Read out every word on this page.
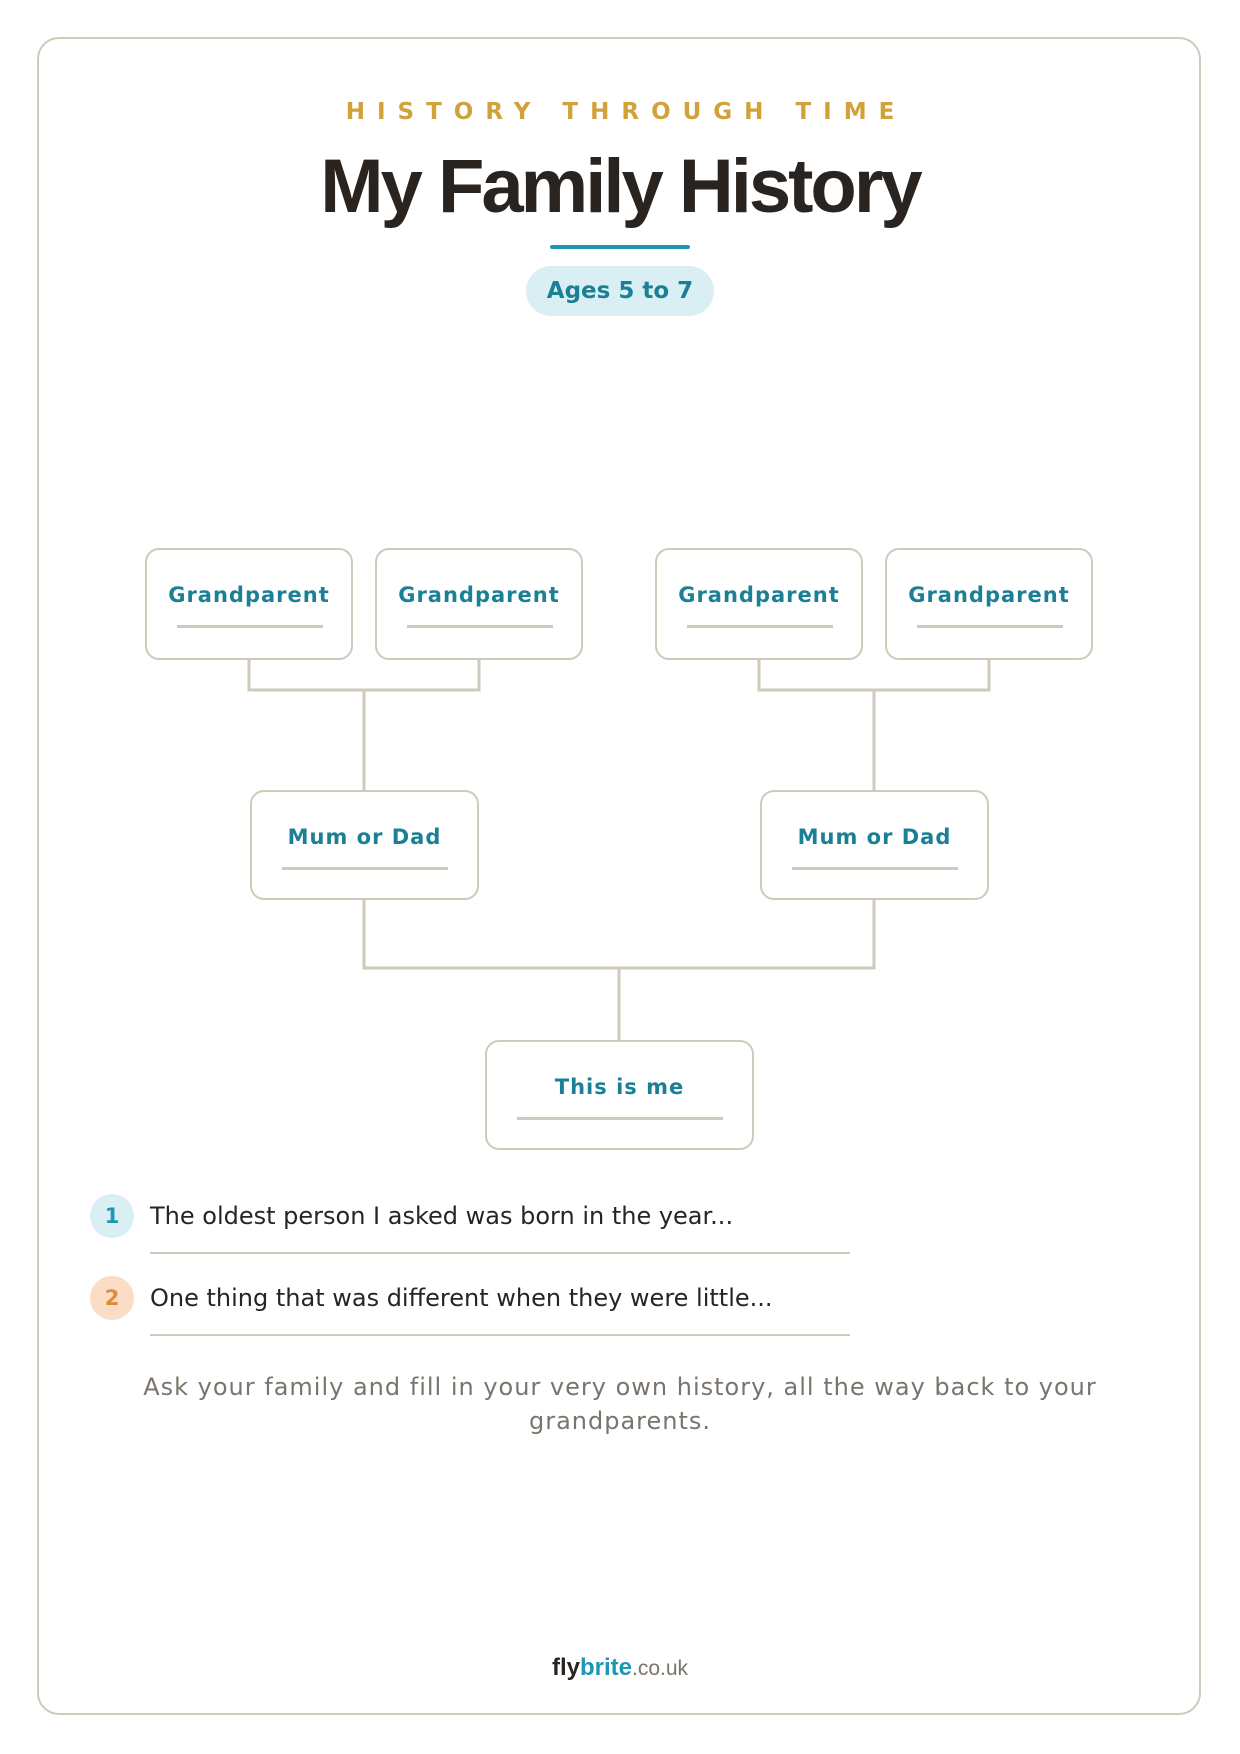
HISTORY THROUGH TIME
My Family History
Ages 5 to 7
Grandparent	Grandparent	Grandparent	Grandparent
Mum or Dad	Mum or Dad
This is me
1	The oldest person I asked was born in the year...
2	One thing that was different when they were little...
Ask your family and fill in your very own history, all the way back to your grandparents.
flybrite.co.uk
